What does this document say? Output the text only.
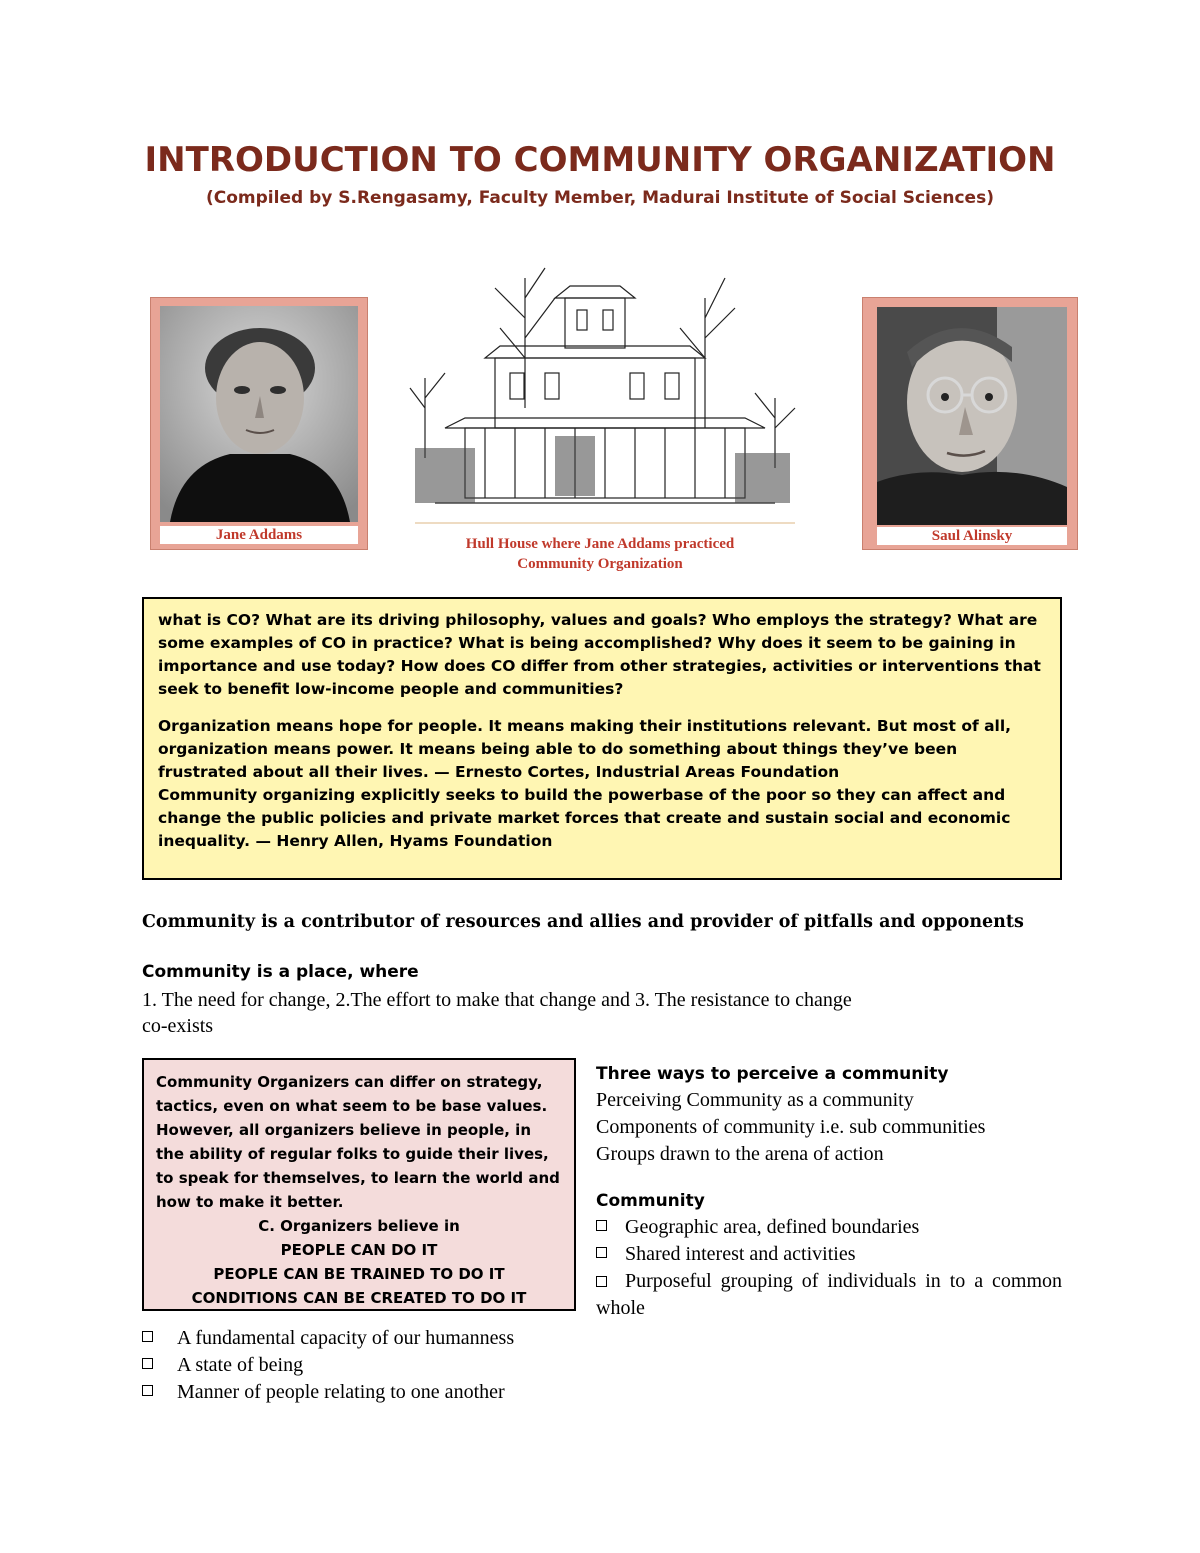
INTRODUCTION TO COMMUNITY ORGANIZATION
(Compiled by S.Rengasamy, Faculty Member, Madurai Institute of Social Sciences)
Jane Addams
Hull House where Jane Addams practiced
Community Organization
Saul Alinsky

what is CO? What are its driving philosophy, values and goals? Who employs the strategy? What are some examples of CO in practice? What is being accomplished? Why does it seem to be gaining in importance and use today? How does CO differ from other strategies, activities or interventions that seek to benefit low-income people and communities?

Organization means hope for people. It means making their institutions relevant. But most of all, organization means power. It means being able to do something about things they’ve been frustrated about all their lives. — Ernesto Cortes, Industrial Areas Foundation

Community organizing explicitly seeks to build the powerbase of the poor so they can affect and change the public policies and private market forces that create and sustain social and economic inequality. — Henry Allen, Hyams Foundation

Community is a contributor of resources and allies and provider of pitfalls and opponents
Community is a place, where
1. The need for change, 2.The effort to make that change and 3. The resistance to change
co-exists
Community Organizers can differ on strategy, tactics, even on what seem to be base values. However, all organizers believe in people, in the ability of regular folks to guide their lives, to speak for themselves, to learn the world and how to make it better.
C. Organizers believe in
PEOPLE CAN DO IT
PEOPLE CAN BE TRAINED TO DO IT
CONDITIONS CAN BE CREATED TO DO IT
A fundamental capacity of our humanness
A state of being
Manner of people relating to one another
Three ways to perceive a community
Perceiving Community as a community
Components of community i.e. sub communities
Groups drawn to the arena of action
Community
Geographic area, defined boundaries
Shared interest and activities
Purposeful grouping of individuals in to a common whole
